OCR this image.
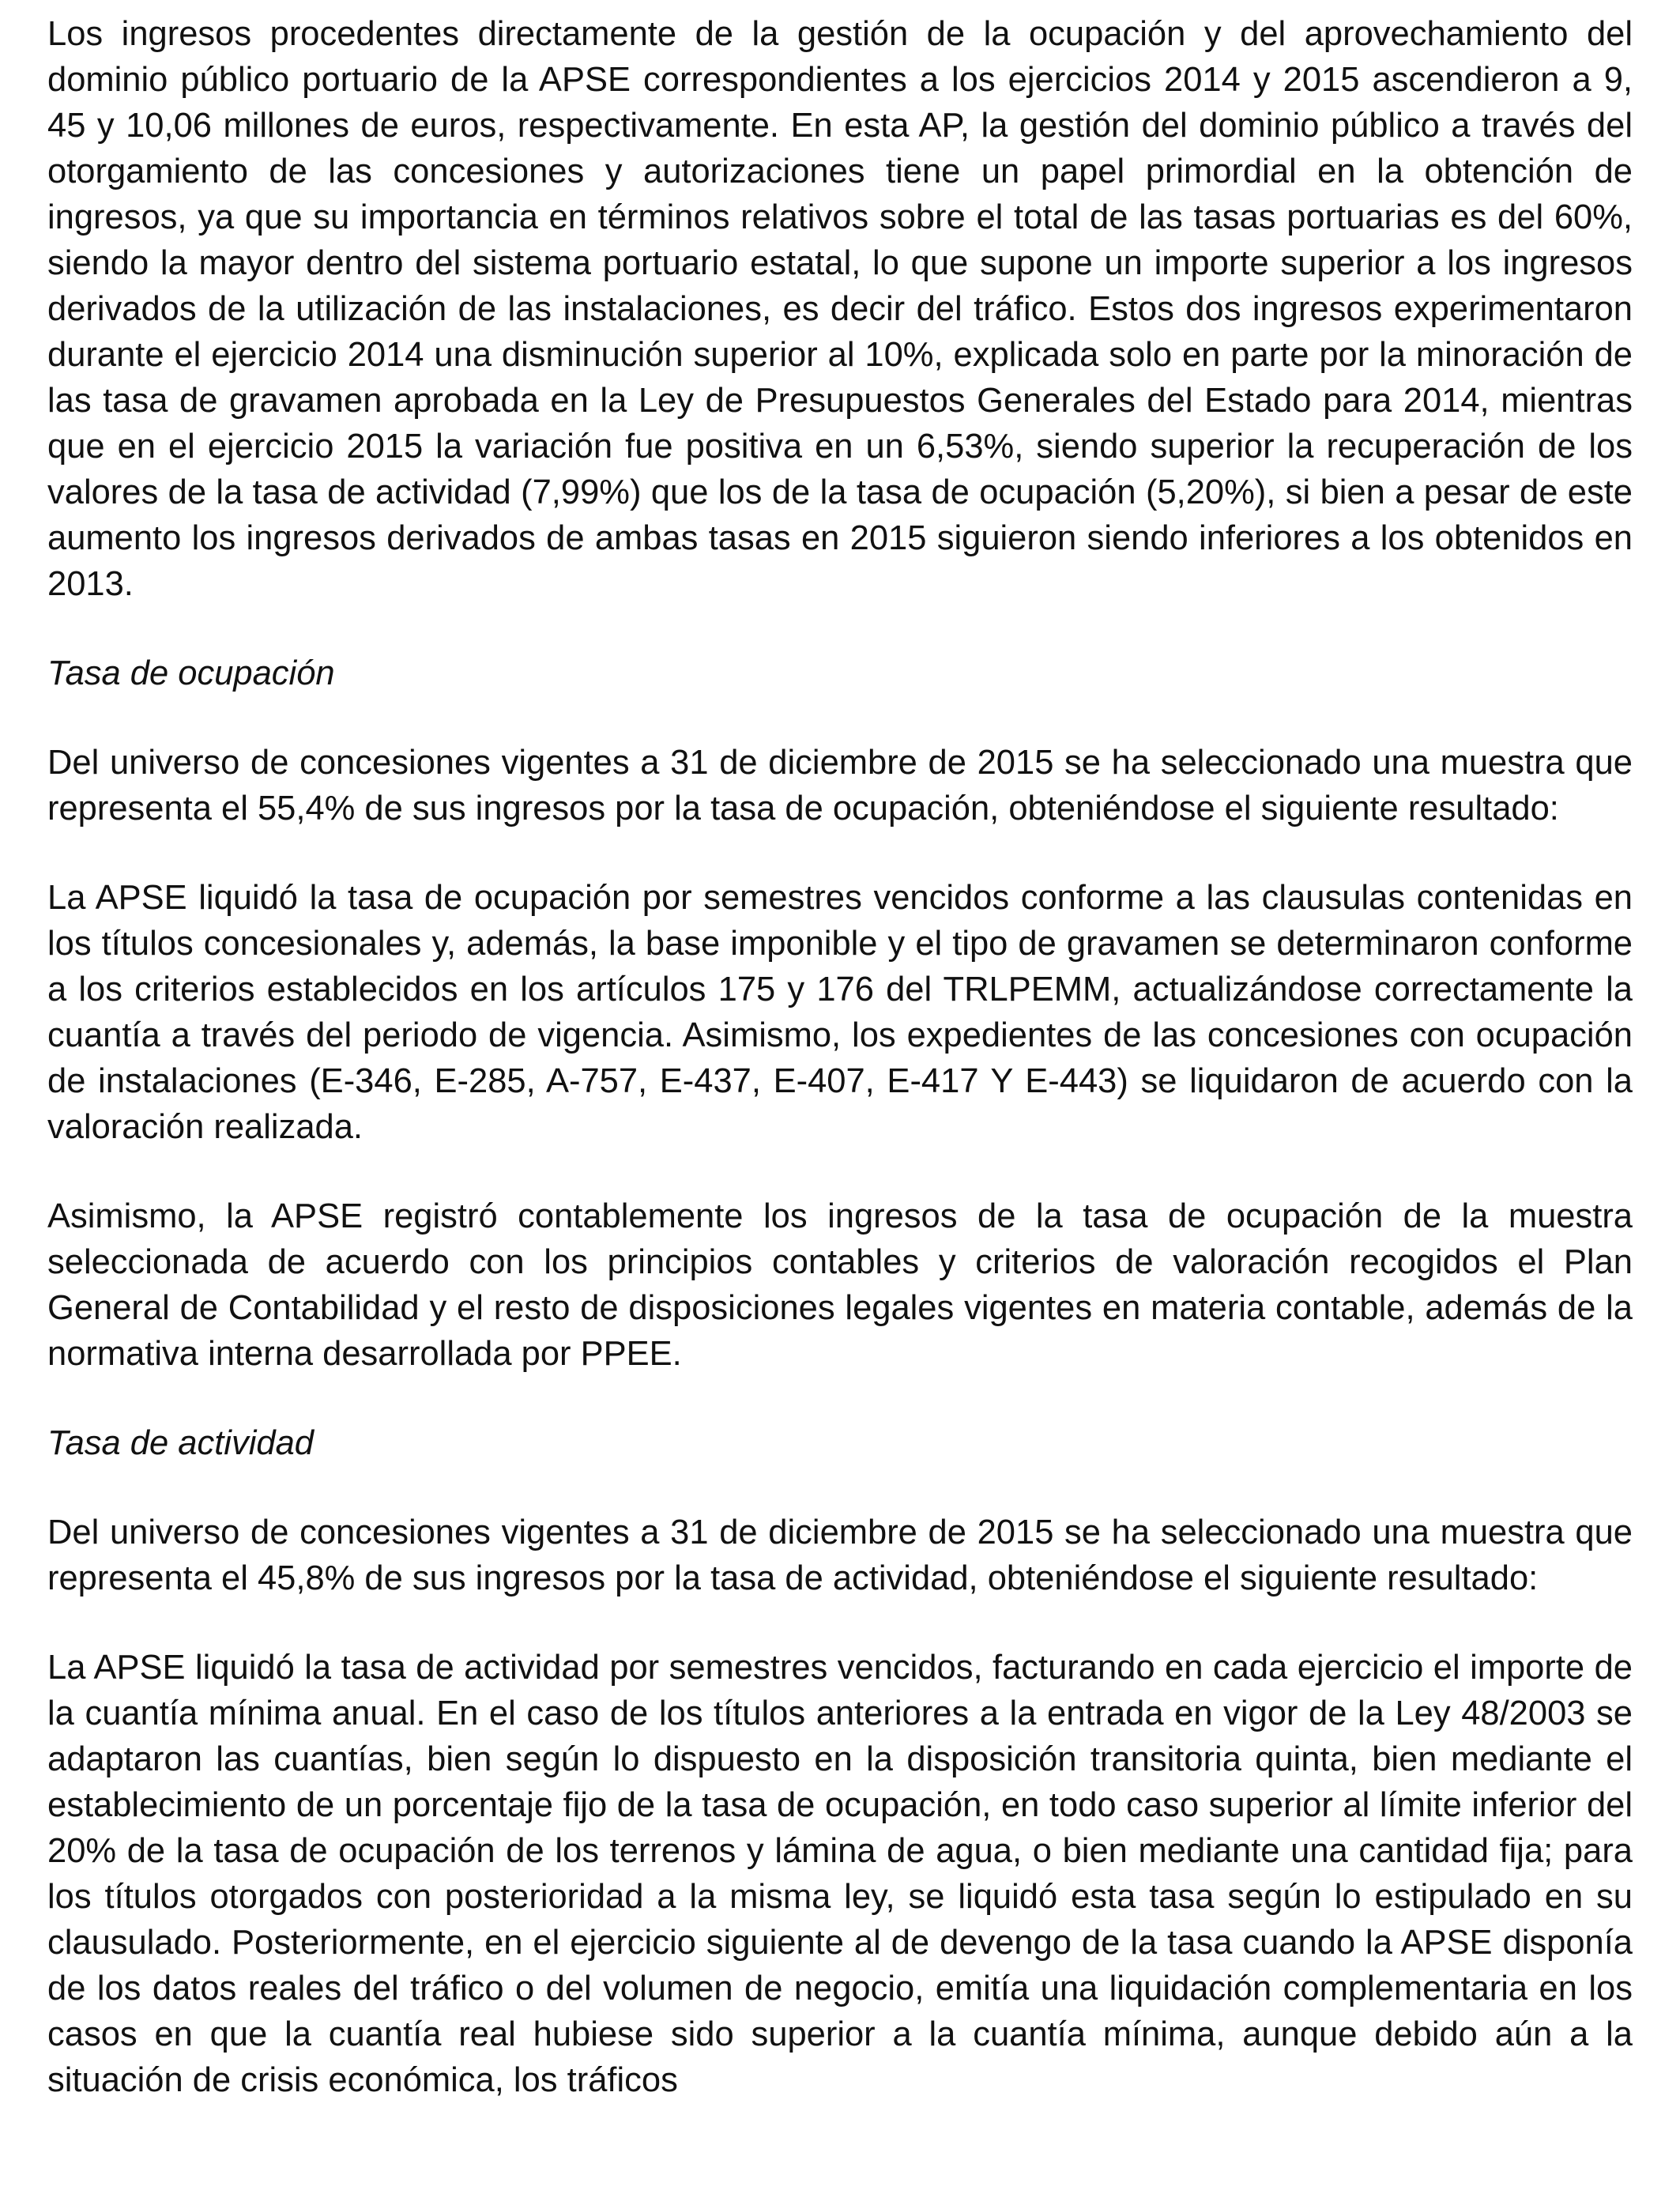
Los ingresos procedentes directamente de la gestión de la ocupación y del aprovechamiento del dominio público portuario de la APSE correspondientes a los ejercicios 2014 y 2015 ascendieron a 9, 45 y 10,06 millones de euros, respectivamente. En esta AP, la gestión del dominio público a través del otorgamiento de las concesiones y autorizaciones tiene un papel primordial en la obtención de ingresos, ya que su importancia en términos relativos sobre el total de las tasas portuarias es del 60%, siendo la mayor dentro del sistema portuario estatal, lo que supone un importe superior a los ingresos derivados de la utilización de las instalaciones, es decir del tráfico. Estos dos ingresos experimentaron durante el ejercicio 2014 una disminución superior al 10%, explicada solo en parte por la minoración de las tasa de gravamen aprobada en la Ley de Presupuestos Generales del Estado para 2014, mientras que en el ejercicio 2015 la variación fue positiva en un 6,53%, siendo superior la recuperación de los valores de la tasa de actividad (7,99%) que los de la tasa de ocupación (5,20%), si bien a pesar de este aumento los ingresos derivados de ambas tasas en 2015 siguieron siendo inferiores a los obtenidos en 2013.

Tasa de ocupación

Del universo de concesiones vigentes a 31 de diciembre de 2015 se ha seleccionado una muestra que representa el 55,4% de sus ingresos por la tasa de ocupación, obteniéndose el siguiente resultado:

La APSE liquidó la tasa de ocupación por semestres vencidos conforme a las clausulas contenidas en los títulos concesionales y, además, la base imponible y el tipo de gravamen se determinaron conforme a los criterios establecidos en los artículos 175 y 176 del TRLPEMM, actualizándose correctamente la cuantía a través del periodo de vigencia. Asimismo, los expedientes de las concesiones con ocupación de instalaciones (E-346, E-285, A-757, E-437, E-407, E-417 Y E-443) se liquidaron de acuerdo con la valoración realizada.

Asimismo, la APSE registró contablemente los ingresos de la tasa de ocupación de la muestra seleccionada de acuerdo con los principios contables y criterios de valoración recogidos el Plan General de Contabilidad y el resto de disposiciones legales vigentes en materia contable, además de la normativa interna desarrollada por PPEE.

Tasa de actividad

Del universo de concesiones vigentes a 31 de diciembre de 2015 se ha seleccionado una muestra que representa el 45,8% de sus ingresos por la tasa de actividad, obteniéndose el siguiente resultado:

La APSE liquidó la tasa de actividad por semestres vencidos, facturando en cada ejercicio el importe de la cuantía mínima anual. En el caso de los títulos anteriores a la entrada en vigor de la Ley 48/2003 se adaptaron las cuantías, bien según lo dispuesto en la disposición transitoria quinta, bien mediante el establecimiento de un porcentaje fijo de la tasa de ocupación, en todo caso superior al límite inferior del 20% de la tasa de ocupación de los terrenos y lámina de agua, o bien mediante una cantidad fija; para los títulos otorgados con posterioridad a la misma ley, se liquidó esta tasa según lo estipulado en su clausulado. Posteriormente, en el ejercicio siguiente al de devengo de la tasa cuando la APSE disponía de los datos reales del tráfico o del volumen de negocio, emitía una liquidación complementaria en los casos en que la cuantía real hubiese sido superior a la cuantía mínima, aunque debido aún a la situación de crisis económica, los tráficos
